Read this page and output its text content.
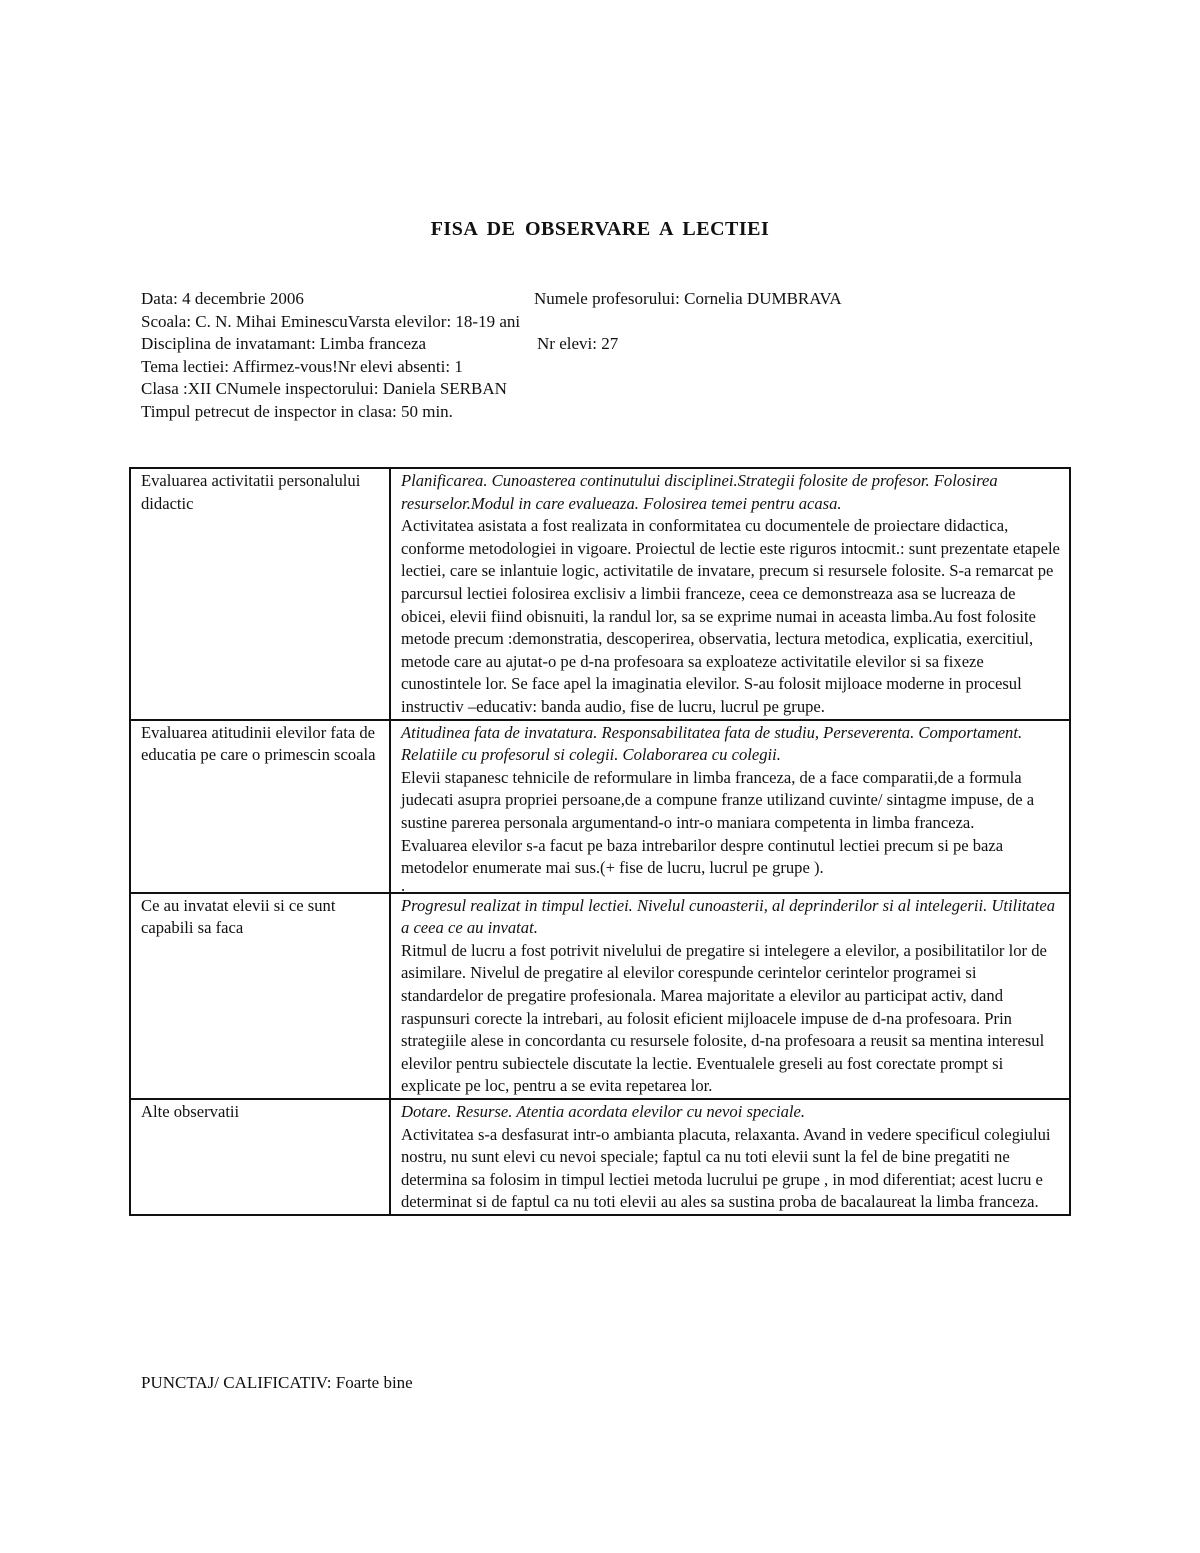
FISA DE OBSERVARE A LECTIEI
Data: 4 decembrie 2006	Numele profesorului: Cornelia DUMBRAVA
Scoala: C. N. Mihai EminescuVarsta elevilor: 18-19 ani
Disciplina de invatamant: Limba franceza	Nr elevi: 27
Tema lectiei: Affirmez-vous!Nr elevi absenti: 1
Clasa :XII CNumele inspectorului: Daniela SERBAN
Timpul petrecut de inspector in clasa: 50 min.
Evaluarea activitatii personalului didactic	Planificarea. Cunoasterea continutului disciplinei.Strategii folosite de profesor. Folosirea resurselor.Modul in care evalueaza. Folosirea temei pentru acasa.
Activitatea asistata a fost realizata in conformitatea cu documentele de proiectare didactica, conforme metodologiei in vigoare. Proiectul de lectie este riguros intocmit.: sunt prezentate etapele lectiei, care se inlantuie logic, activitatile de invatare, precum si resursele folosite. S-a remarcat pe parcursul lectiei folosirea exclisiv a limbii franceze, ceea ce demonstreaza asa se lucreaza de obicei, elevii fiind obisnuiti, la randul lor, sa se exprime numai in aceasta limba.Au fost folosite metode precum :demonstratia, descoperirea, observatia, lectura metodica, explicatia, exercitiul, metode care au ajutat-o pe d-na profesoara sa exploateze activitatile elevilor si sa fixeze cunostintele lor. Se face apel la imaginatia elevilor. S-au folosit mijloace moderne in procesul instructiv –educativ: banda audio, fise de lucru, lucrul pe grupe.

Evaluarea atitudinii elevilor fata de educatia pe care o primescin scoala	Atitudinea fata de invatatura. Responsabilitatea fata de studiu, Perseverenta. Comportament. Relatiile cu profesorul si colegii. Colaborarea cu colegii.
Elevii stapanesc tehnicile de reformulare in limba franceza, de a face comparatii,de a formula judecati asupra propriei persoane,de a compune franze utilizand cuvinte/ sintagme impuse, de a sustine parerea personala argumentand-o intr-o maniara competenta in limba franceza.
Evaluarea elevilor s-a facut pe baza intrebarilor despre continutul lectiei precum si pe baza metodelor enumerate mai sus.(+ fise de lucru, lucrul pe grupe ).
.

Ce au invatat elevii si ce sunt capabili sa faca	Progresul realizat in timpul lectiei. Nivelul cunoasterii, al deprinderilor si al intelegerii. Utilitatea a ceea ce au invatat.
Ritmul de lucru a fost potrivit nivelului de pregatire si intelegere a elevilor, a posibilitatilor lor de asimilare. Nivelul de pregatire al elevilor corespunde cerintelor cerintelor programei si standardelor de pregatire profesionala. Marea majoritate a elevilor au participat activ, dand raspunsuri corecte la intrebari, au folosit eficient mijloacele impuse de d-na profesoara. Prin strategiile alese in concordanta cu resursele folosite, d-na profesoara a reusit sa mentina interesul elevilor pentru subiectele discutate la lectie. Eventualele greseli au fost corectate prompt si explicate pe loc, pentru a se evita repetarea lor.

Alte observatii	Dotare. Resurse. Atentia acordata elevilor cu nevoi speciale.
Activitatea s-a desfasurat intr-o ambianta placuta, relaxanta. Avand in vedere specificul colegiului nostru, nu sunt elevi cu nevoi speciale; faptul ca nu toti elevii sunt la fel de bine pregatiti ne determina sa folosim in timpul lectiei metoda lucrului pe grupe , in mod diferentiat; acest lucru e determinat si de faptul ca nu toti elevii au ales sa sustina proba de bacalaureat la limba franceza.
PUNCTAJ/ CALIFICATIV: Foarte bine
